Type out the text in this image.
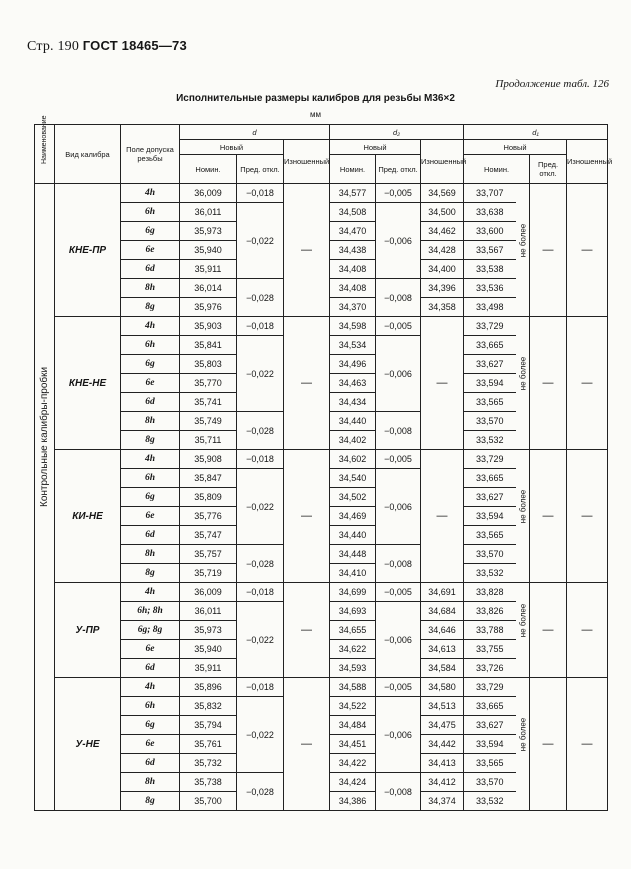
Стр. 190 ГОСТ 18465—73
Продолжение табл. 126
Исполнительные размеры калибров для резьбы М36×2
мм
Наименование	Вид калибра	Поле допуска резьбы	d			d₂			d₁			
			Новый		Изношенный	Новый		Изношенный	Новый			Изношенный
			Номин.	Пред. откл.		Номин.	Пред. откл.		Номин.		Пред. откл.	

Контрольные калибры-пробки	КНЕ-ПР	4h	36,009	−0,018	—	34,577	−0,005	34,569	33,707	не более	—	—
		6h	36,011	−0,022		34,508	−0,006	34,500	33,638			
		6g	35,973			34,470		34,462	33,600			
		6e	35,940			34,438		34,428	33,567			
		6d	35,911			34,408		34,400	33,538			
		8h	36,014	−0,028		34,408	−0,008	34,396	33,536			
		8g	35,976			34,370		34,358	33,498			
	КНЕ-НЕ	4h	35,903	−0,018	—	34,598	−0,005	—	33,729	не более	—	—
		6h	35,841	−0,022		34,534	−0,006		33,665			
		6g	35,803			34,496			33,627			
		6e	35,770			34,463			33,594			
		6d	35,741			34,434			33,565			
		8h	35,749	−0,028		34,440	−0,008		33,570			
		8g	35,711			34,402			33,532			
	КИ-НЕ	4h	35,908	−0,018	—	34,602	−0,005	—	33,729	не более	—	—
		6h	35,847	−0,022		34,540	−0,006		33,665			
		6g	35,809			34,502			33,627			
		6e	35,776			34,469			33,594			
		6d	35,747			34,440			33,565			
		8h	35,757	−0,028		34,448	−0,008		33,570			
		8g	35,719			34,410			33,532			
	У-ПР	4h	36,009	−0,018	—	34,699	−0,005	34,691	33,828	не более	—	—
		6h; 8h	36,011	−0,022		34,693	−0,006	34,684	33,826			
		6g; 8g	35,973			34,655		34,646	33,788			
		6e	35,940			34,622		34,613	33,755			
		6d	35,911			34,593		34,584	33,726			
	У-НЕ	4h	35,896	−0,018	—	34,588	−0,005	34,580	33,729	не более	—	—
		6h	35,832	−0,022		34,522	−0,006	34,513	33,665			
		6g	35,794			34,484		34,475	33,627			
		6e	35,761			34,451		34,442	33,594			
		6d	35,732			34,422		34,413	33,565			
		8h	35,738	−0,028		34,424	−0,008	34,412	33,570			
		8g	35,700			34,386		34,374	33,532			
